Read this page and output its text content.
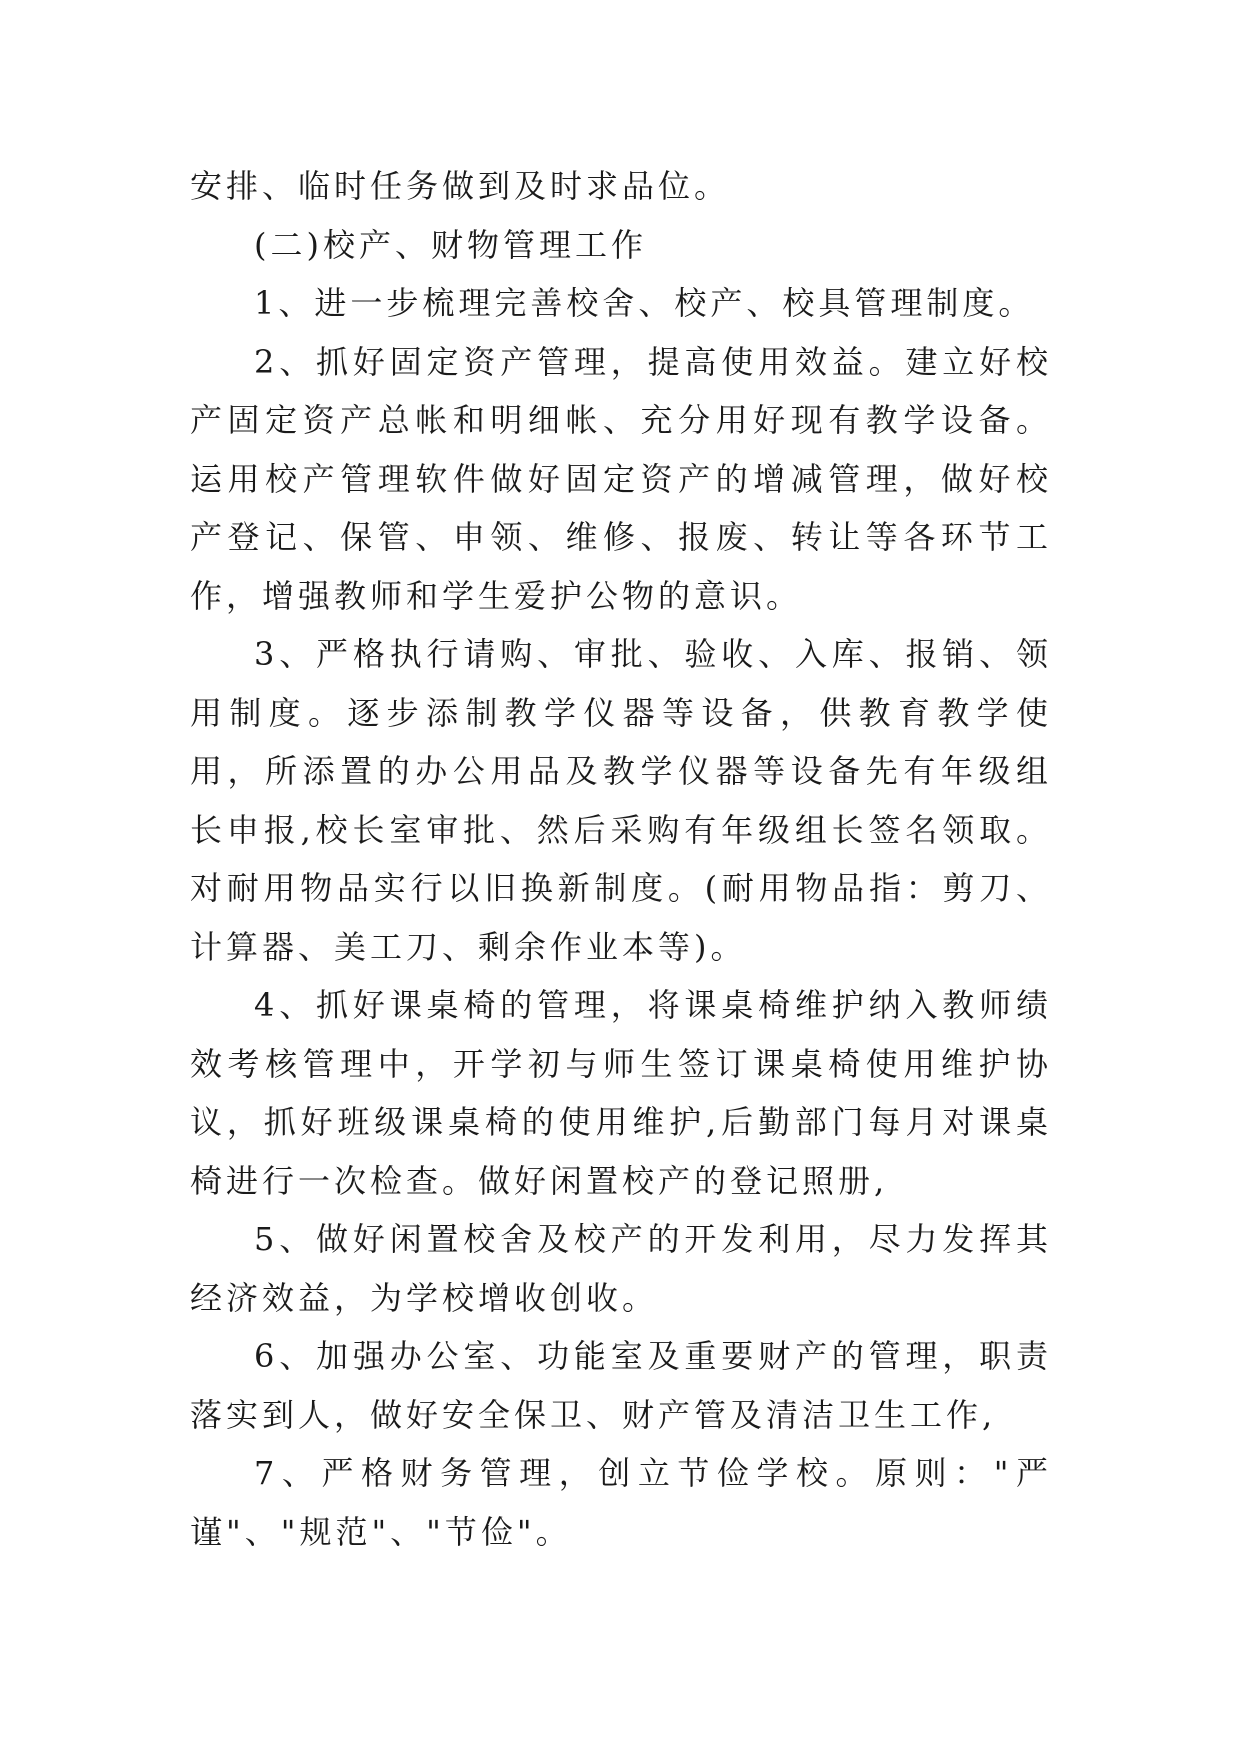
安排、临时任务做到及时求品位。

(二)校产、财物管理工作

1、进一步梳理完善校舍、校产、校具管理制度。

2、抓好固定资产管理，提高使用效益。建立好校产固定资产总帐和明细帐、充分用好现有教学设备。运用校产管理软件做好固定资产的增减管理，做好校产登记、保管、申领、维修、报废、转让等各环节工作，增强教师和学生爱护公物的意识。

3、严格执行请购、审批、验收、入库、报销、领用制度。逐步添制教学仪器等设备，供教育教学使用，所添置的办公用品及教学仪器等设备先有年级组长申报,校长室审批、然后采购有年级组长签名领取。对耐用物品实行以旧换新制度。(耐用物品指：剪刀、计算器、美工刀、剩余作业本等)。

4、抓好课桌椅的管理，将课桌椅维护纳入教师绩效考核管理中，开学初与师生签订课桌椅使用维护协议，抓好班级课桌椅的使用维护,后勤部门每月对课桌椅进行一次检查。做好闲置校产的登记照册,

5、做好闲置校舍及校产的开发利用，尽力发挥其经济效益，为学校增收创收。

6、加强办公室、功能室及重要财产的管理，职责落实到人，做好安全保卫、财产管及清洁卫生工作,

7、严格财务管理，创立节俭学校。原则："严谨"、"规范"、"节俭"。
